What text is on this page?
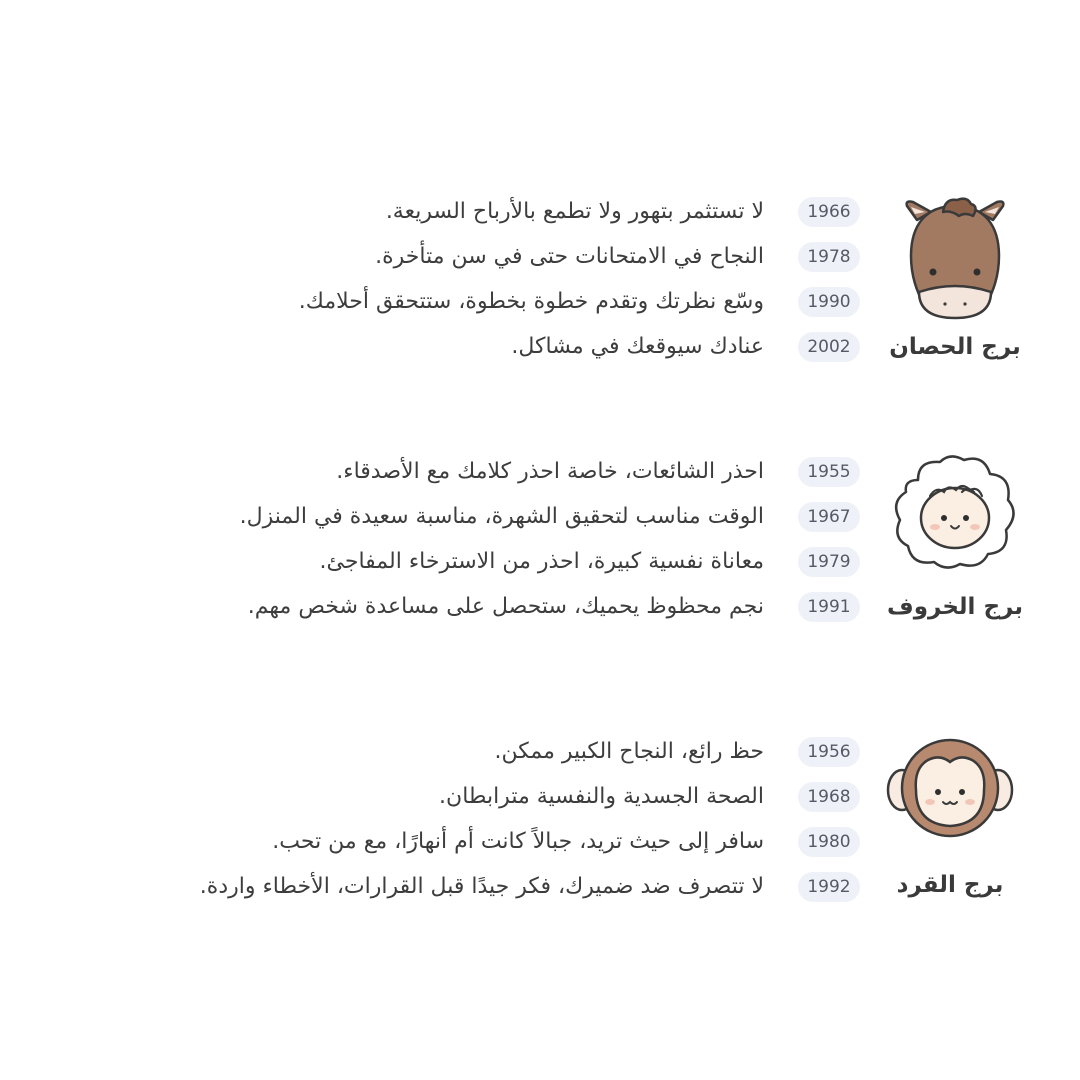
برج الحصان
1966
لا تستثمر بتهور ولا تطمع بالأرباح السريعة.
1978
النجاح في الامتحانات حتى في سن متأخرة.
1990
وسّع نظرتك وتقدم خطوة بخطوة، ستتحقق أحلامك.
2002
عنادك سيوقعك في مشاكل.
برج الخروف
1955
احذر الشائعات، خاصة احذر كلامك مع الأصدقاء.
1967
الوقت مناسب لتحقيق الشهرة، مناسبة سعيدة في المنزل.
1979
معاناة نفسية كبيرة، احذر من الاسترخاء المفاجئ.
1991
نجم محظوظ يحميك، ستحصل على مساعدة شخص مهم.
برج القرد
1956
حظ رائع، النجاح الكبير ممكن.
1968
الصحة الجسدية والنفسية مترابطان.
1980
سافر إلى حيث تريد، جبالاً كانت أم أنهارًا، مع من تحب.
1992
لا تتصرف ضد ضميرك، فكر جيدًا قبل القرارات، الأخطاء واردة.
